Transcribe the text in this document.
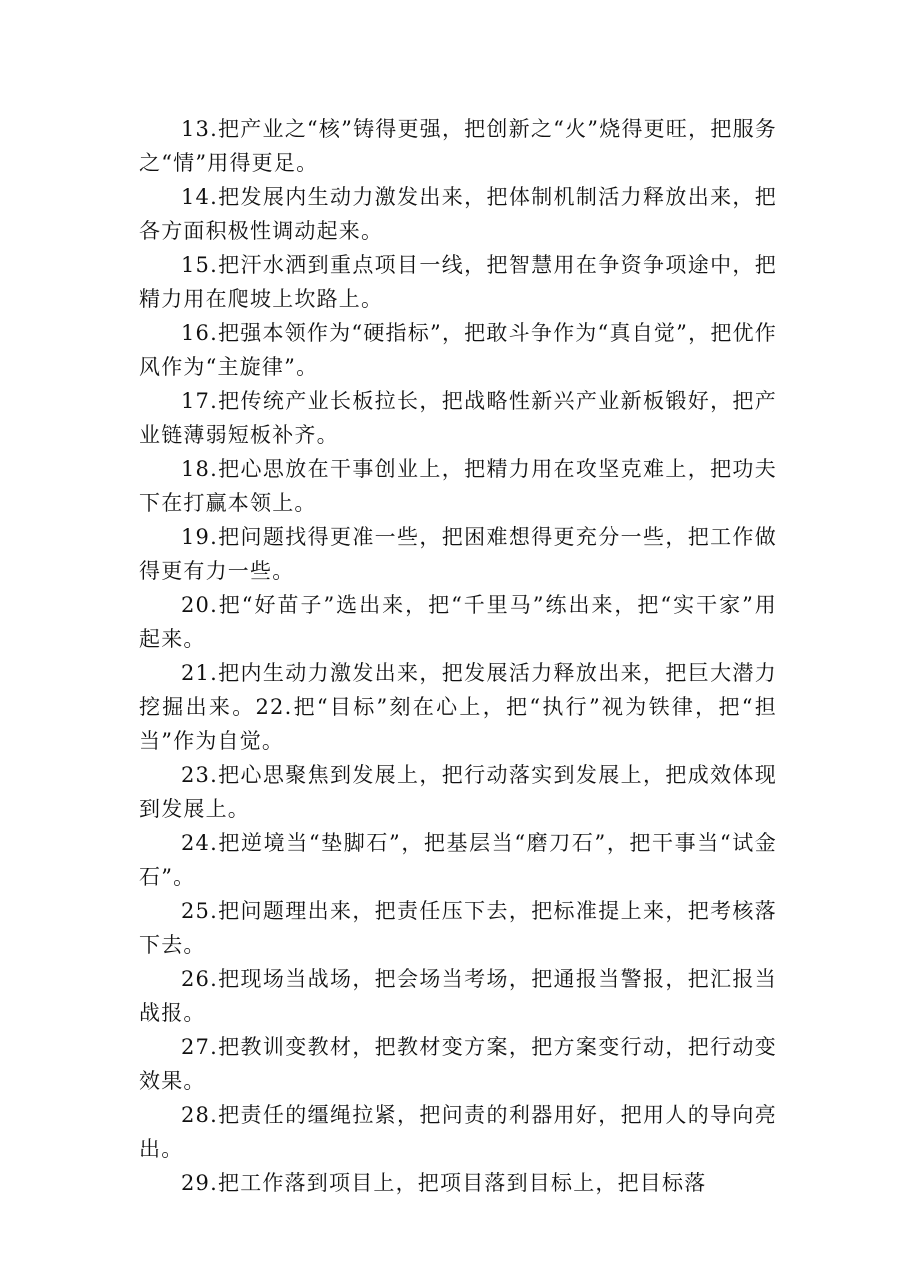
13.把产业之“核”铸得更强，把创新之“火”烧得更旺，把服务之“情”用得更足。

14.把发展内生动力激发出来，把体制机制活力释放出来，把各方面积极性调动起来。

15.把汗水洒到重点项目一线，把智慧用在争资争项途中，把精力用在爬坡上坎路上。

16.把强本领作为“硬指标”，把敢斗争作为“真自觉”，把优作风作为“主旋律”。

17.把传统产业长板拉长，把战略性新兴产业新板锻好，把产业链薄弱短板补齐。

18.把心思放在干事创业上，把精力用在攻坚克难上，把功夫下在打赢本领上。

19.把问题找得更准一些，把困难想得更充分一些，把工作做得更有力一些。

20.把“好苗子”选出来，把“千里马”练出来，把“实干家”用起来。

21.把内生动力激发出来，把发展活力释放出来，把巨大潜力挖掘出来。22.把“目标”刻在心上，把“执行”视为铁律，把“担当”作为自觉。

23.把心思聚焦到发展上，把行动落实到发展上，把成效体现到发展上。

24.把逆境当“垫脚石”，把基层当“磨刀石”，把干事当“试金石”。

25.把问题理出来，把责任压下去，把标准提上来，把考核落下去。

26.把现场当战场，把会场当考场，把通报当警报，把汇报当战报。

27.把教训变教材，把教材变方案，把方案变行动，把行动变效果。

28.把责任的缰绳拉紧，把问责的利器用好，把用人的导向亮出。

29.把工作落到项目上，把项目落到目标上，把目标落
